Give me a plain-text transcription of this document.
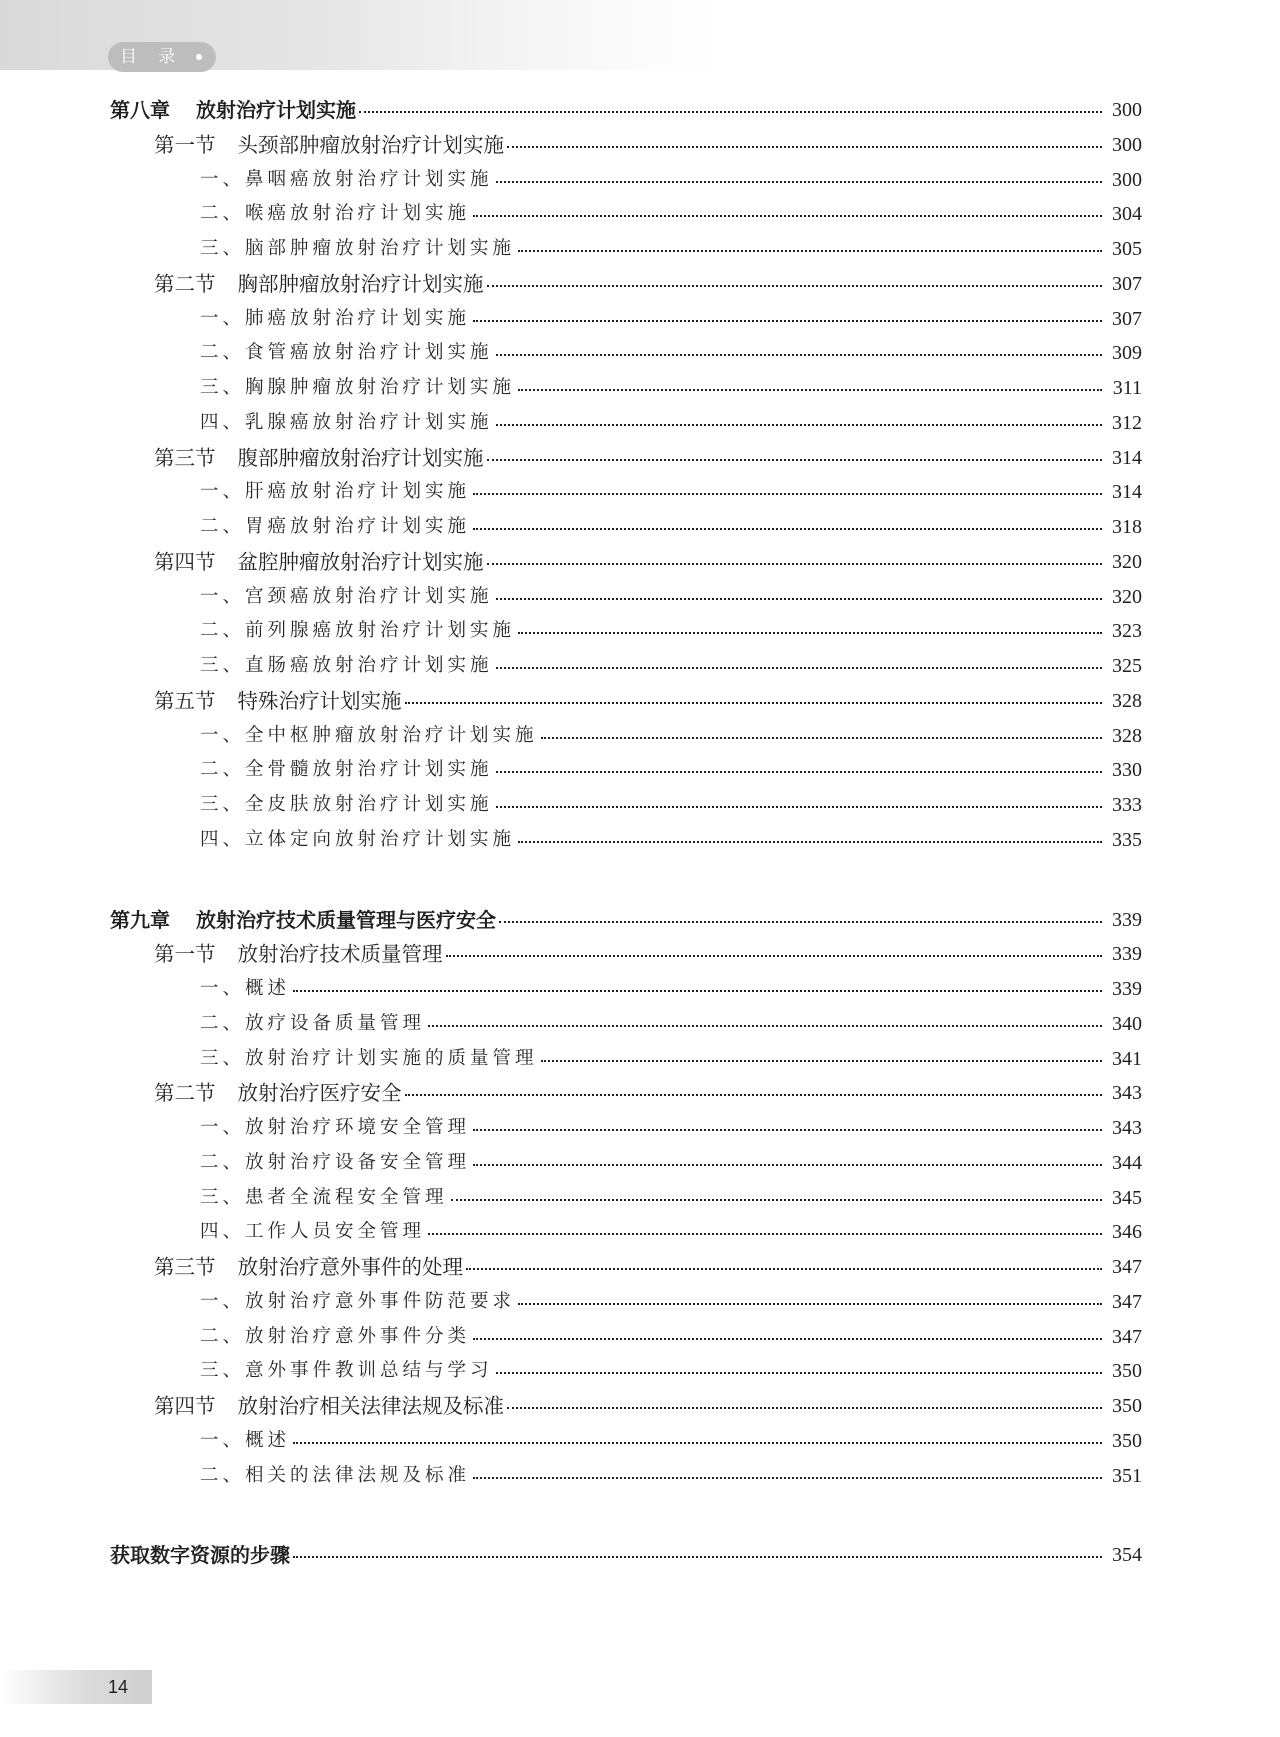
目 录
第八章 放射治疗计划实施	300
第一节 头颈部肿瘤放射治疗计划实施	300
一、鼻咽癌放射治疗计划实施	300
二、喉癌放射治疗计划实施	304
三、脑部肿瘤放射治疗计划实施	305
第二节 胸部肿瘤放射治疗计划实施	307
一、肺癌放射治疗计划实施	307
二、食管癌放射治疗计划实施	309
三、胸腺肿瘤放射治疗计划实施	311
四、乳腺癌放射治疗计划实施	312
第三节 腹部肿瘤放射治疗计划实施	314
一、肝癌放射治疗计划实施	314
二、胃癌放射治疗计划实施	318
第四节 盆腔肿瘤放射治疗计划实施	320
一、宫颈癌放射治疗计划实施	320
二、前列腺癌放射治疗计划实施	323
三、直肠癌放射治疗计划实施	325
第五节 特殊治疗计划实施	328
一、全中枢肿瘤放射治疗计划实施	328
二、全骨髓放射治疗计划实施	330
三、全皮肤放射治疗计划实施	333
四、立体定向放射治疗计划实施	335
第九章 放射治疗技术质量管理与医疗安全	339
第一节 放射治疗技术质量管理	339
一、概述	339
二、放疗设备质量管理	340
三、放射治疗计划实施的质量管理	341
第二节 放射治疗医疗安全	343
一、放射治疗环境安全管理	343
二、放射治疗设备安全管理	344
三、患者全流程安全管理	345
四、工作人员安全管理	346
第三节 放射治疗意外事件的处理	347
一、放射治疗意外事件防范要求	347
二、放射治疗意外事件分类	347
三、意外事件教训总结与学习	350
第四节 放射治疗相关法律法规及标准	350
一、概述	350
二、相关的法律法规及标准	351
获取数字资源的步骤	354
14
